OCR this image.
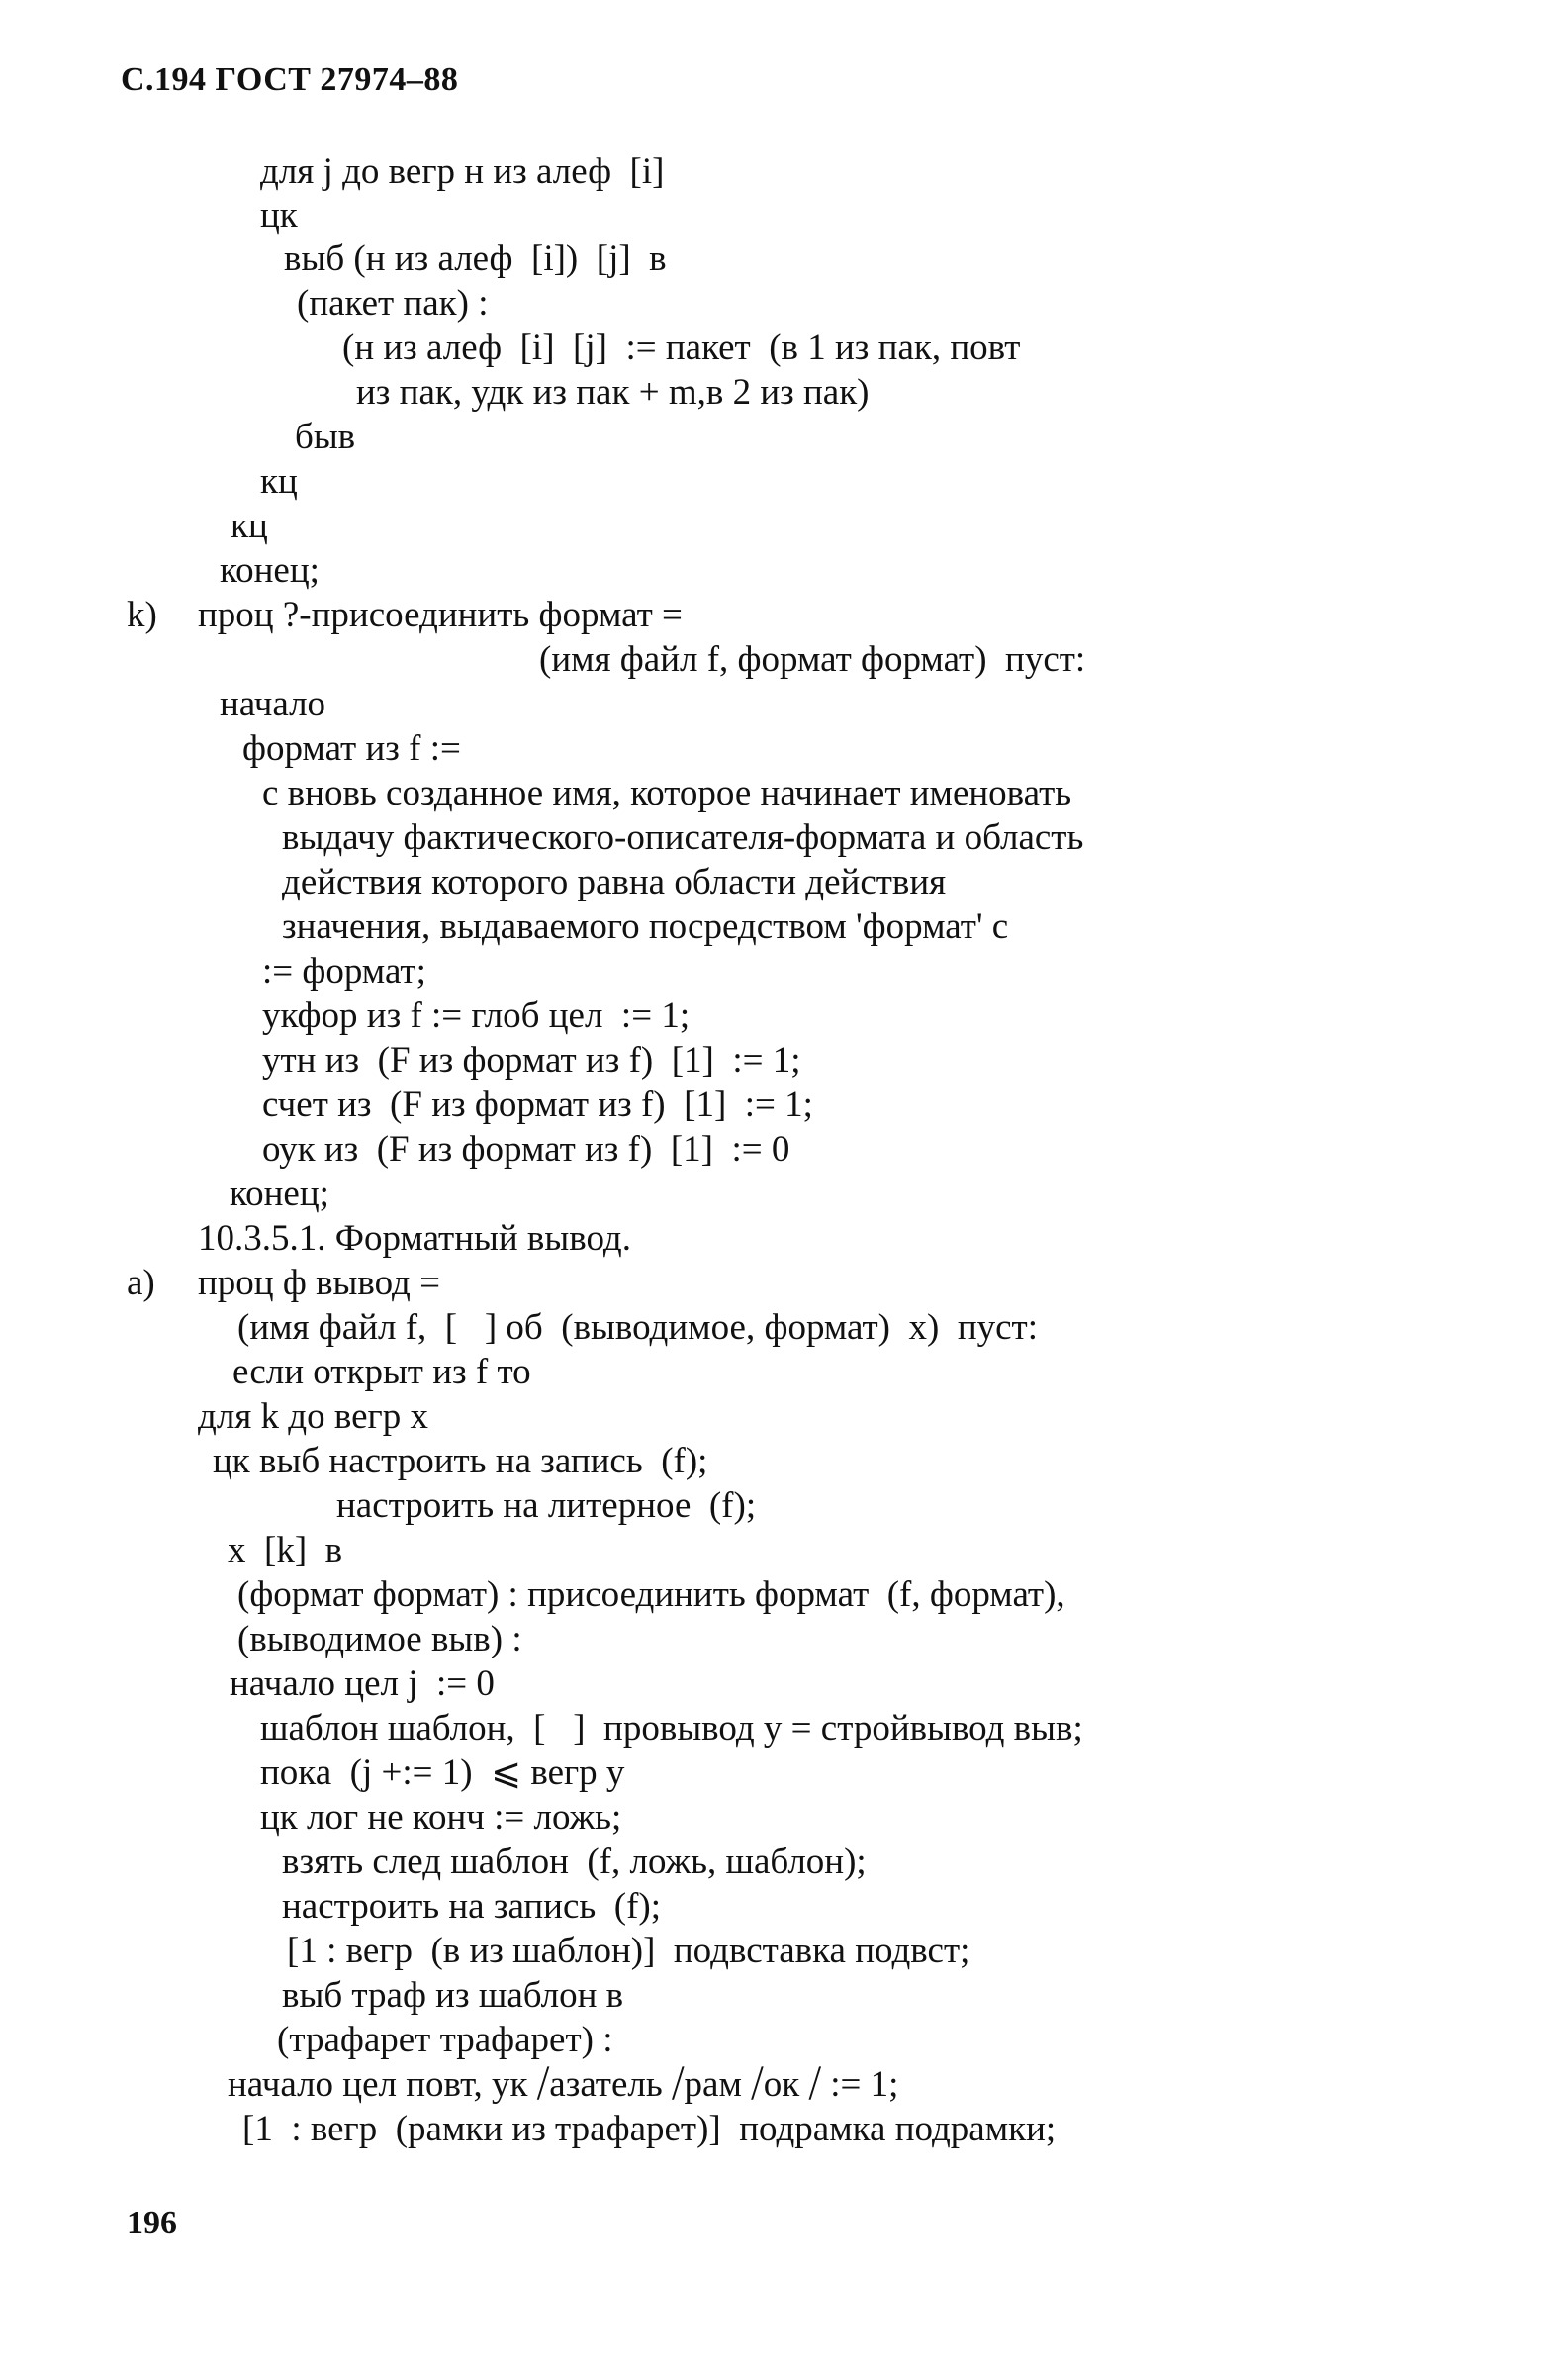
С.194 ГОСТ 27974–88
для j до вегр н из алеф  [i]
цк
выб (н из алеф  [i])  [j]  в
(пакет пак) :
(н из алеф  [i]  [j]  := пакет  (в 1 из пак, повт
из пак, удк из пак + m,в 2 из пак)
быв
кц
кц
конец;
k) проц ?-присоединить формат =
(имя файл f, формат формат)  пуст:
начало
формат из f :=
с вновь созданное имя, которое начинает именовать
выдачу фактического-описателя-формата и область
действия которого равна области действия
значения, выдаваемого посредством 'формат' с
:= формат;
укфор из f := глоб цел  := 1;
утн из  (F из формат из f)  [1]  := 1;
счет из  (F из формат из f)  [1]  := 1;
оук из  (F из формат из f)  [1]  := 0
конец;
10.3.5.1. Форматный вывод.
a) проц ф вывод =
(имя файл f,  [   ] об  (выводимое, формат)  x)  пуст:
если открыт из f то
для k до вегр x
цк выб настроить на запись  (f);
настроить на литерное  (f);
x  [k]  в
(формат формат) : присоединить формат  (f, формат),
(выводимое выв) :
начало цел j  := 0
шаблон шаблон,  [   ]  провывод y = стройвывод выв;
пока  (j +:= 1)  ⩽ вегр y
цк лог не конч := ложь;
взять след шаблон  (f, ложь, шаблон);
настроить на запись  (f);
[1 : вегр  (в из шаблон)]  подвставка подвст;
выб траф из шаблон в
(трафарет трафарет) :
начало цел повт, ук ⧸азатель ⧸рам ⧸ок ⧸ := 1;
[1  : вегр  (рамки из трафарет)]  подрамка подрамки;
196
